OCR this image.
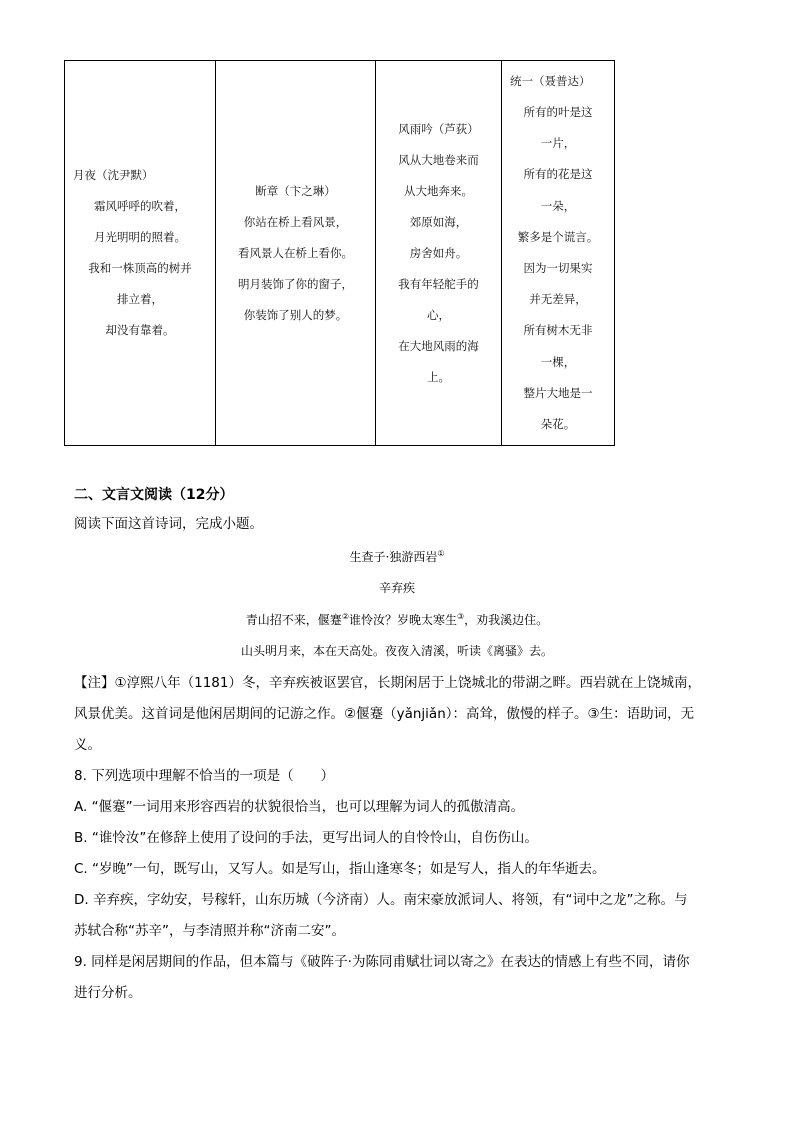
月夜（沈尹默）
霜风呼呼的吹着，
月光明明的照着。
我和一株顶高的树并
排立着，
却没有靠着。

断章（卞之琳）
你站在桥上看风景，
看风景人在桥上看你。
明月装饰了你的窗子，
你装饰了别人的梦。

风雨吟（芦荻）
风从大地卷来而
从大地奔来。
郊原如海，
房舍如舟。
我有年轻舵手的
心，
在大地风雨的海
上。

统一（聂普达）
所有的叶是这
一片，
所有的花是这
一朵，
繁多是个谎言。
因为一切果实
并无差异，
所有树木无非
一棵，
整片大地是一
朵花。
二、文言文阅读（12分）
阅读下面这首诗词，完成小题。
生查子·独游西岩①
辛弃疾
青山招不来，偃蹇②谁怜汝？岁晚太寒生③，劝我溪边住。
山头明月来，本在天高处。夜夜入清溪，听读《离骚》去。
【注】①淳熙八年（1181）冬，辛弃疾被讴罢官，长期闲居于上饶城北的带湖之畔。西岩就在上饶城南，
风景优美。这首词是他闲居期间的记游之作。②偃蹇（yǎnjiǎn）：高耸，傲慢的样子。③生：语助词，无
义。
8. 下列选项中理解不恰当的一项是（　　）
A. “偃蹇”一词用来形容西岩的状貌很恰当，也可以理解为词人的孤傲清高。
B. “谁怜汝”在修辞上使用了设问的手法，更写出词人的自怜怜山，自伤伤山。
C. “岁晚”一句，既写山，又写人。如是写山，指山逢寒冬；如是写人，指人的年华逝去。
D. 辛弃疾，字幼安，号稼轩，山东历城（今济南）人。南宋豪放派词人、将领，有“词中之龙”之称。与
苏轼合称“苏辛”，与李清照并称“济南二安”。
9. 同样是闲居期间的作品，但本篇与《破阵子·为陈同甫赋壮词以寄之》在表达的情感上有些不同，请你
进行分析。
